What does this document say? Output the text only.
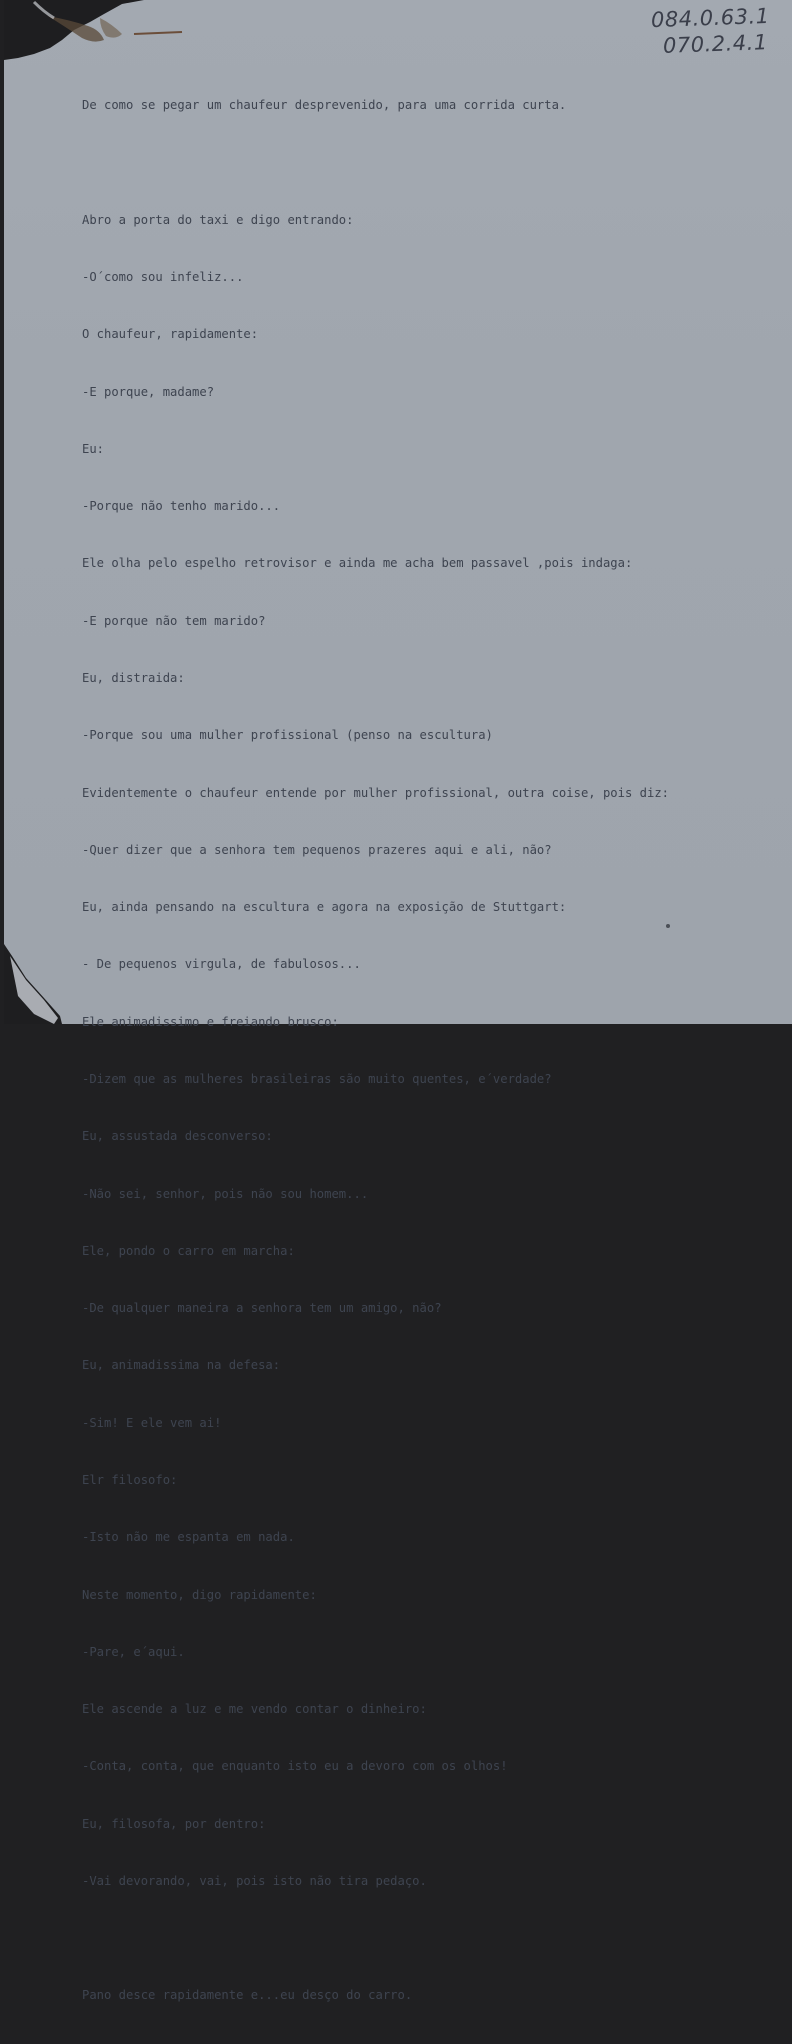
084.0.63.1
070.2.4.1

De como se pegar um chaufeur desprevenido, para uma corrida curta.

Abro a porta do taxi e digo entrando:

-O´como sou infeliz...

O chaufeur, rapidamente:

-E porque, madame?

Eu:

-Porque não tenho marido...

Ele olha pelo espelho retrovisor e ainda me acha bem passavel ,pois indaga:

-E porque não tem marido?

Eu, distraida:

-Porque sou uma mulher profissional (penso na escultura)

Evidentemente o chaufeur entende por mulher profissional, outra coise, pois diz:

-Quer dizer que a senhora tem pequenos prazeres aqui e ali, não?

Eu, ainda pensando na escultura e agora na exposição de Stuttgart:

- De pequenos virgula, de fabulosos...

Ele animadissimo e freiando brusco:

-Dizem que as mulheres brasileiras são muito quentes, e´verdade?

Eu, assustada desconverso:

-Não sei, senhor, pois não sou homem...

Ele, pondo o carro em marcha:

-De qualquer maneira a senhora tem um amigo, não?

Eu, animadissima na defesa:

-Sim! E ele vem ai!

Elr filosofo:

-Isto não me espanta em nada.

Neste momento, digo rapidamente:

-Pare, e´aqui.

Ele ascende a luz e me vendo contar o dinheiro:

-Conta, conta, que enquanto isto eu a devoro com os olhos!

Eu, filosofa, por dentro:

-Vai devorando, vai, pois isto não tira pedaço.

Pano desce rapidamente e...eu desço do carro.
